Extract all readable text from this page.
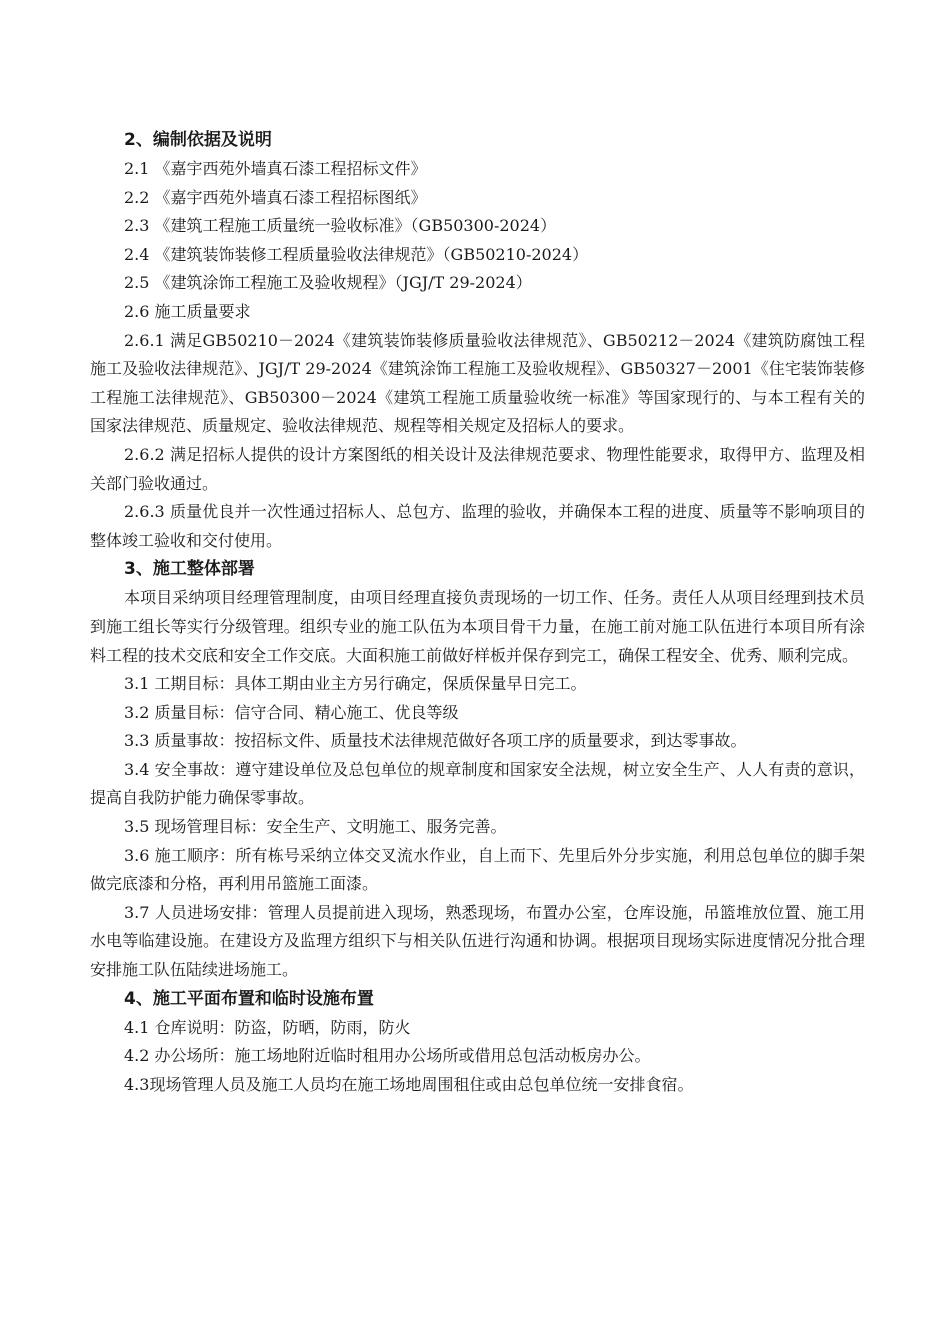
2、编制依据及说明

2.1 《嘉宇西苑外墙真石漆工程招标文件》

2.2 《嘉宇西苑外墙真石漆工程招标图纸》

2.3 《建筑工程施工质量统一验收标准》（GB50300-2024）

2.4 《建筑装饰装修工程质量验收法律规范》（GB50210-2024）

2.5 《建筑涂饰工程施工及验收规程》（JGJ/T 29-2024）

2.6 施工质量要求

2.6.1 满足GB50210－2024《建筑装饰装修质量验收法律规范》、GB50212－2024《建筑防腐蚀工程施工及验收法律规范》、JGJ/T 29-2024《建筑涂饰工程施工及验收规程》、GB50327－2001《住宅装饰装修工程施工法律规范》、GB50300－2024《建筑工程施工质量验收统一标准》等国家现行的、与本工程有关的国家法律规范、质量规定、验收法律规范、规程等相关规定及招标人的要求。

2.6.2 满足招标人提供的设计方案图纸的相关设计及法律规范要求、物理性能要求，取得甲方、监理及相关部门验收通过。

2.6.3 质量优良并一次性通过招标人、总包方、监理的验收，并确保本工程的进度、质量等不影响项目的整体竣工验收和交付使用。

3、施工整体部署

本项目采纳项目经理管理制度，由项目经理直接负责现场的一切工作、任务。责任人从项目经理到技术员到施工组长等实行分级管理。组织专业的施工队伍为本项目骨干力量，在施工前对施工队伍进行本项目所有涂料工程的技术交底和安全工作交底。大面积施工前做好样板并保存到完工，确保工程安全、优秀、顺利完成。

3.1 工期目标：具体工期由业主方另行确定，保质保量早日完工。

3.2 质量目标：信守合同、精心施工、优良等级

3.3 质量事故：按招标文件、质量技术法律规范做好各项工序的质量要求，到达零事故。

3.4 安全事故：遵守建设单位及总包单位的规章制度和国家安全法规，树立安全生产、人人有责的意识， 提高自我防护能力确保零事故。

3.5 现场管理目标：安全生产、文明施工、服务完善。

3.6 施工顺序：所有栋号采纳立体交叉流水作业，自上而下、先里后外分步实施，利用总包单位的脚手架做完底漆和分格，再利用吊篮施工面漆。

3.7 人员进场安排：管理人员提前进入现场，熟悉现场，布置办公室，仓库设施，吊篮堆放位置、施工用水电等临建设施。在建设方及监理方组织下与相关队伍进行沟通和协调。根据项目现场实际进度情况分批合理安排施工队伍陆续进场施工。

4、施工平面布置和临时设施布置

4.1 仓库说明：防盗，防晒，防雨，防火

4.2 办公场所：施工场地附近临时租用办公场所或借用总包活动板房办公。

4.3现场管理人员及施工人员均在施工场地周围租住或由总包单位统一安排食宿。
